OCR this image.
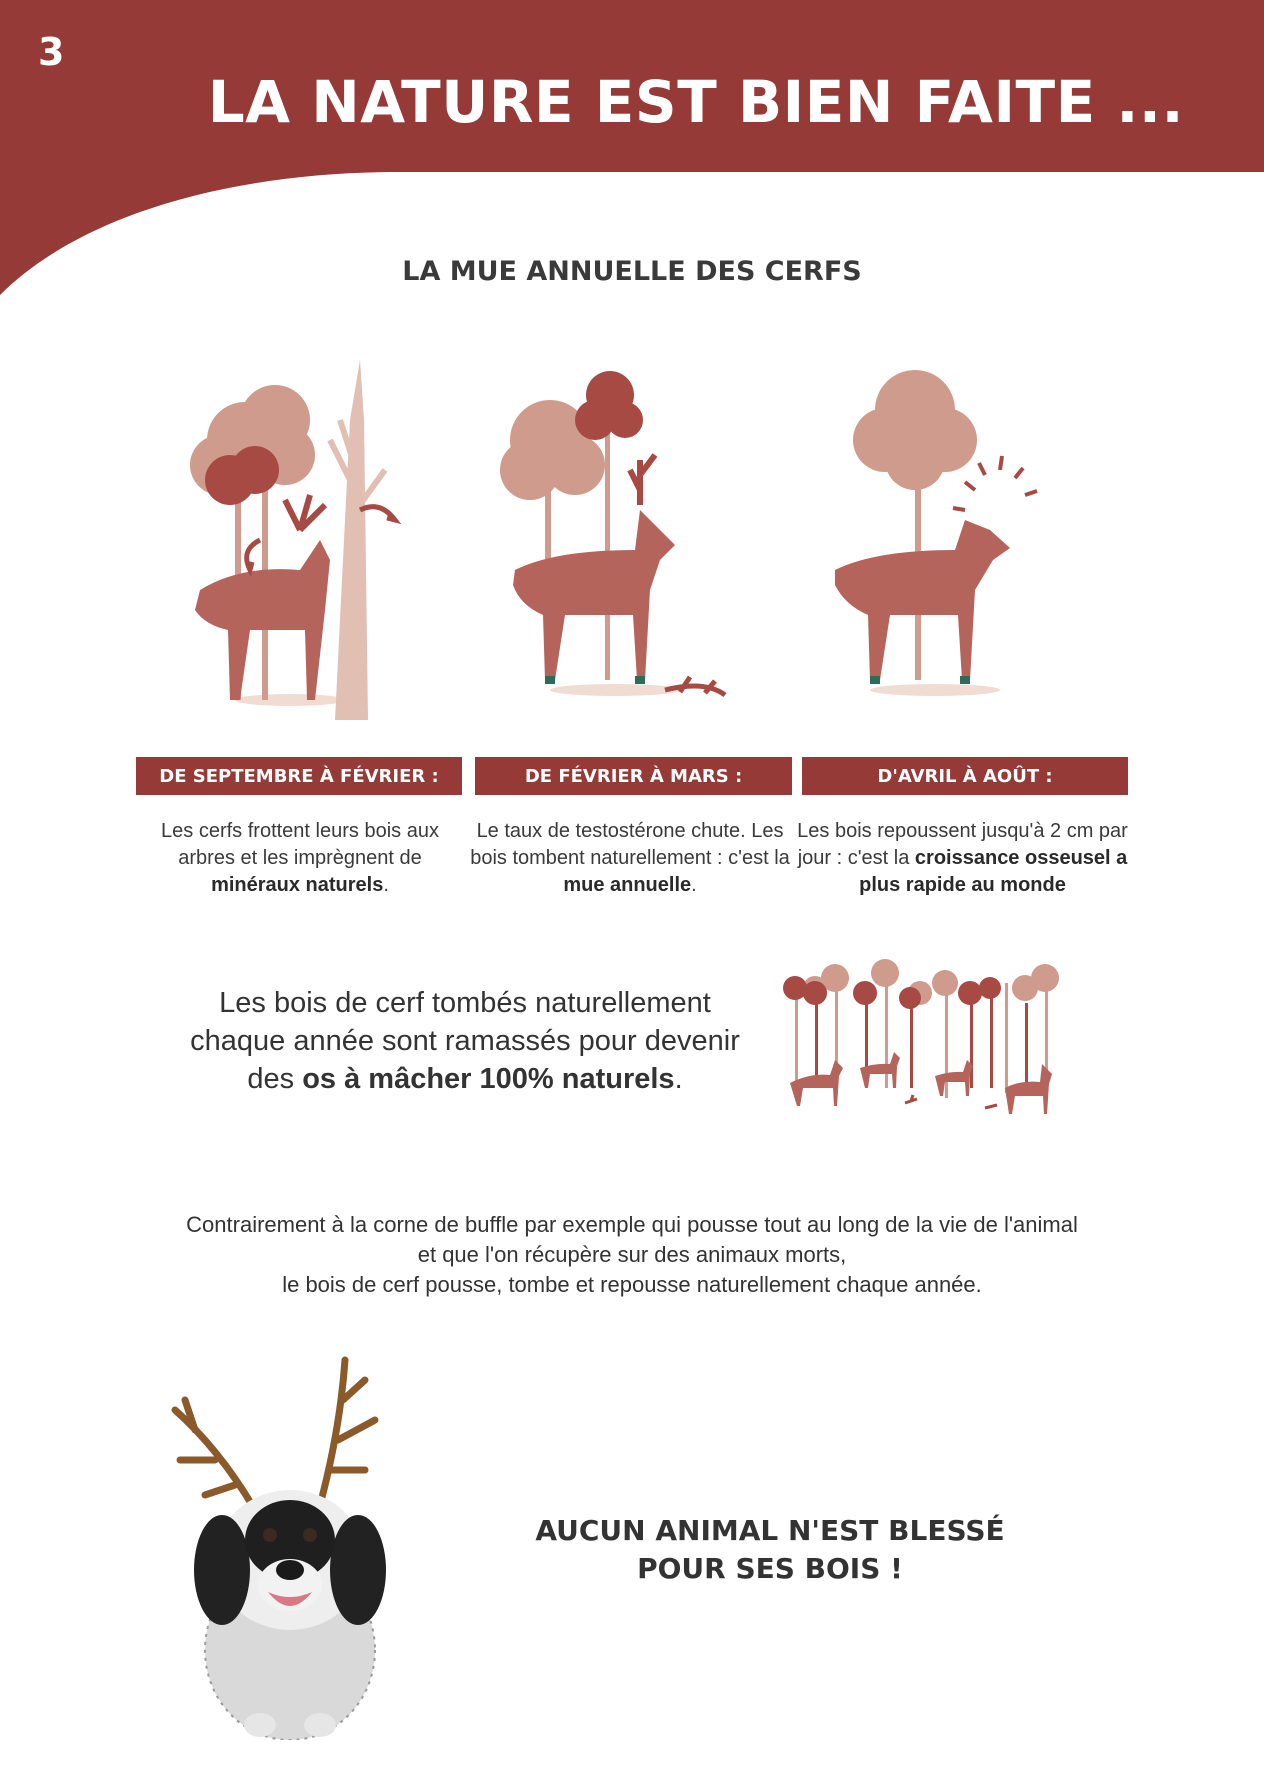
3
LA NATURE EST BIEN FAITE ...
LA MUE ANNUELLE DES CERFS
DE SEPTEMBRE À FÉVRIER :	DE FÉVRIER À MARS :	D'AVRIL À AOÛT :
Les cerfs frottent leurs bois aux arbres et les imprègnent de minéraux naturels.
Le taux de testostérone chute. Les bois tombent naturellement : c'est la mue annuelle.
Les bois repoussent jusqu'à 2 cm par jour : c'est la croissance osseusel a plus rapide au monde
Les bois de cerf tombés naturellement chaque année sont ramassés pour devenir des os à mâcher 100% naturels.
Contrairement à la corne de buffle par exemple qui pousse tout au long de la vie de l'animal
et que l'on récupère sur des animaux morts,
le bois de cerf pousse, tombe et repousse naturellement chaque année.
AUCUN ANIMAL N'EST BLESSÉ
POUR SES BOIS !
